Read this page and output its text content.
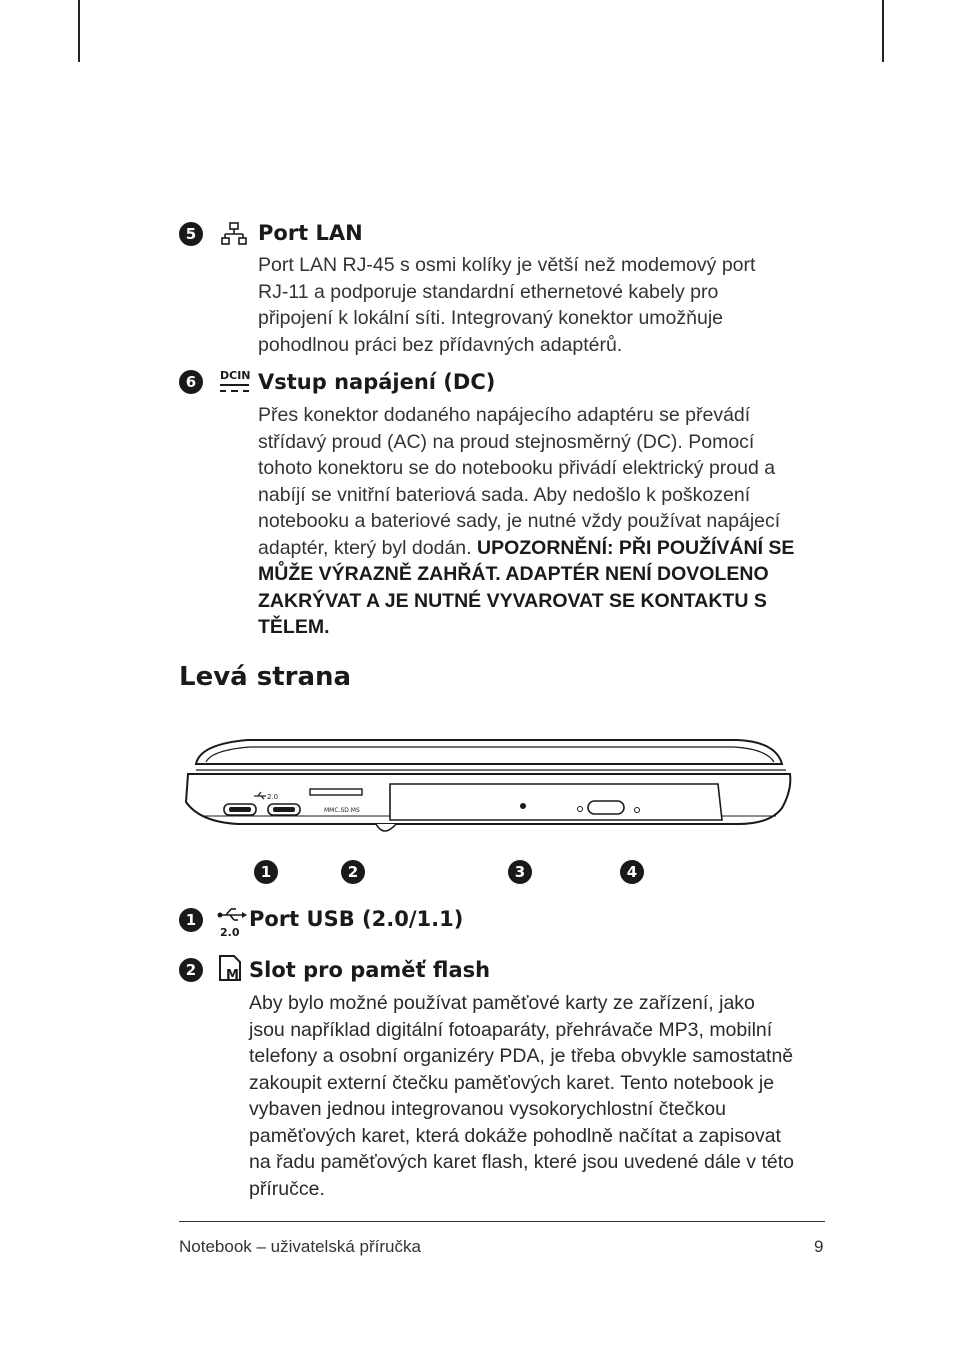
5	Port LAN
Port LAN RJ-45 s osmi kolíky je větší než modemový port RJ-11 a podporuje standardní ethernetové kabely pro připojení k lokální síti. Integrovaný konektor umožňuje pohodlnou práci bez přídavných adaptérů.
6	DCIN Vstup napájení (DC)
Přes konektor dodaného napájecího adaptéru se převádí střídavý proud (AC) na proud stejnosměrný (DC). Pomocí tohoto konektoru se do notebooku přivádí elektrický proud a nabíjí se vnitřní bateriová sada. Aby nedošlo k poškození notebooku a bateriové sady, je nutné vždy používat napájecí adaptér, který byl dodán. UPOZORNĚNÍ: PŘI POUŽÍVÁNÍ SE MŮŽE VÝRAZNĚ ZAHŘÁT. ADAPTÉR NENÍ DOVOLENO ZAKRÝVAT A JE NUTNÉ VYVAROVAT SE KONTAKTU S TĚLEM.
Levá strana
2.0
MMC.SD.MS
1	2	3	4
1
2.0
Port USB (2.0/1.1)
2	M Slot pro paměť flash
Aby bylo možné používat paměťové karty ze zařízení, jako jsou například digitální fotoaparáty, přehrávače MP3, mobilní telefony a osobní organizéry PDA, je třeba obvykle samostatně zakoupit externí čtečku paměťových karet. Tento notebook je vybaven jednou integrovanou vysokorychlostní čtečkou paměťových karet, která dokáže pohodlně načítat a zapisovat na řadu paměťových karet flash, které jsou uvedené dále v této příručce.
Notebook – uživatelská příručka	9
